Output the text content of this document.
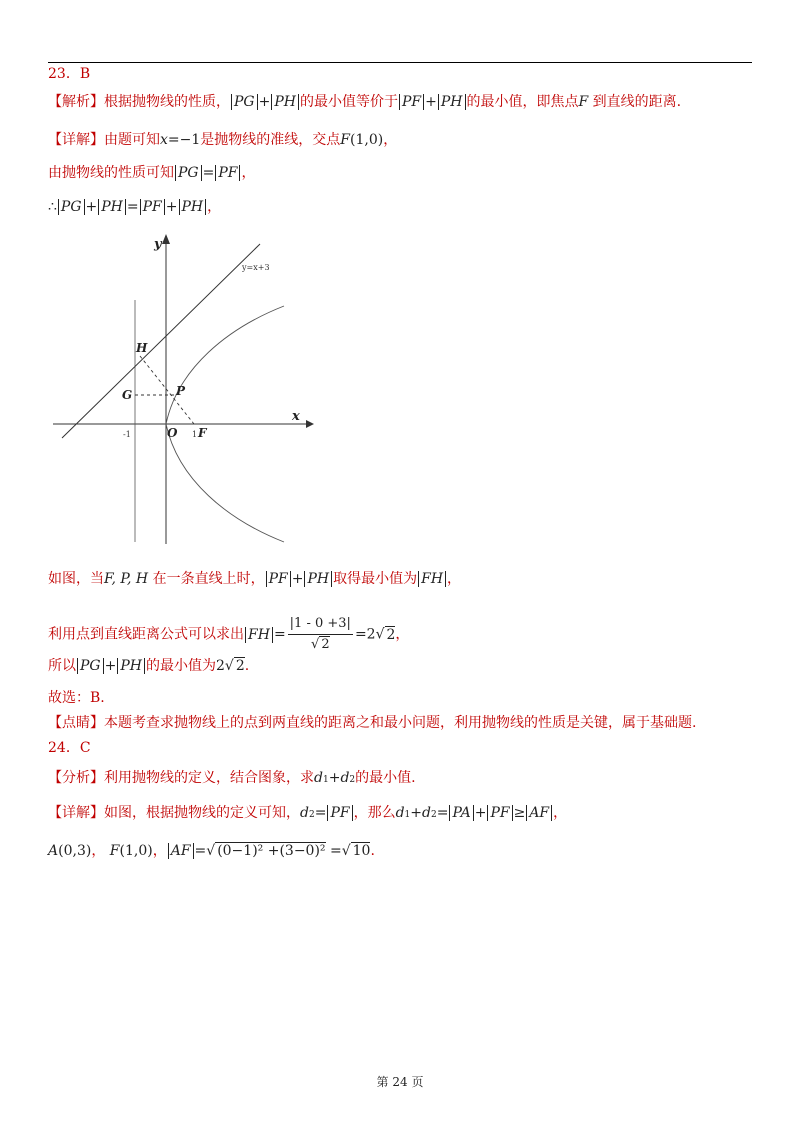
23．B
【解析】根据抛物线的性质， PG + PH 的最小值等价于 PF + PH 的最小值，即焦点F 到直线的距离.
【详解】由题可知x=−1是抛物线的准线，交点F(1,0)，
由抛物线的性质可知 PG = PF ，
∴ PG + PH = PF + PH ，
y=x+3
y
x
H
G	P
O F
-1	1
如图，当F, P, H 在一条直线上时， PF + PH 取得最小值为 FH ，
利用点到直线距离公式可以求出 FH = $\frac{|1 - 0 +3|}{√ 2} =2√$ 2，
所以 PG + PH 的最小值为2√ 2.
故选：B.
【点睛】本题考查求抛物线上的点到两直线的距离之和最小问题，利用抛物线的性质是关键，属于基础题.
24．C
【分析】利用抛物线的定义，结合图象，求d1+d2的最小值.
【详解】如图，根据抛物线的定义可知，d2= PF ，那么d1+d2= PA + PF ≥ AF ，
A(0,3)， F(1,0)， AF =√ (0−1)² +(3−0)² =√ 10.
第 24 页
